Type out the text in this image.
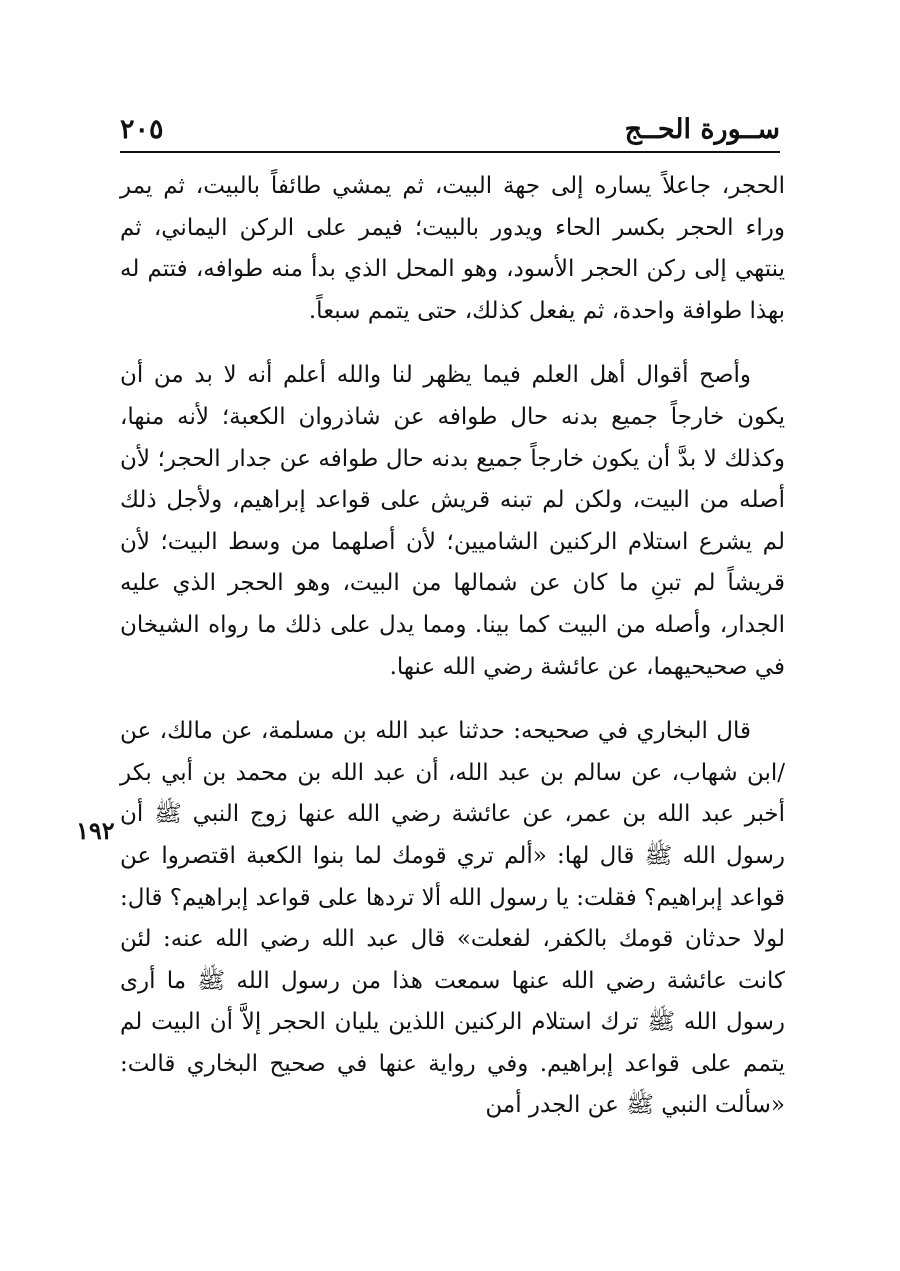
ســورة الحــج
٢٠٥

الحجر، جاعلاً يساره إلى جهة البيت، ثم يمشي طائفاً بالبيت، ثم يمر وراء الحجر بكسر الحاء ويدور بالبيت؛ فيمر على الركن اليماني، ثم ينتهي إلى ركن الحجر الأسود، وهو المحل الذي بدأ منه طوافه، فتتم له بهذا طوافة واحدة، ثم يفعل كذلك، حتى يتمم سبعاً.

وأصح أقوال أهل العلم فيما يظهر لنا والله أعلم أنه لا بد من أن يكون خارجاً جميع بدنه حال طوافه عن شاذروان الكعبة؛ لأنه منها، وكذلك لا بدَّ أن يكون خارجاً جميع بدنه حال طوافه عن جدار الحجر؛ لأن أصله من البيت، ولكن لم تبنه قريش على قواعد إبراهيم، ولأجل ذلك لم يشرع استلام الركنين الشاميين؛ لأن أصلهما من وسط البيت؛ لأن قريشاً لم تبنِ ما كان عن شمالها من البيت، وهو الحجر الذي عليه الجدار، وأصله من البيت كما بينا. ومما يدل على ذلك ما رواه الشيخان في صحيحيهما، عن عائشة رضي الله عنها.

قال البخاري في صحيحه: حدثنا عبد الله بن مسلمة، عن مالك، عن /ابن شهاب، عن سالم بن عبد الله، أن عبد الله بن محمد بن أبي بكر أخبر عبد الله بن عمر، عن عائشة رضي الله عنها زوج النبي ﷺ أن رسول الله ﷺ قال لها: «ألم تري قومك لما بنوا الكعبة اقتصروا عن قواعد إبراهيم؟ فقلت: يا رسول الله ألا تردها على قواعد إبراهيم؟ قال: لولا حدثان قومك بالكفر، لفعلت» قال عبد الله رضي الله عنه: لئن كانت عائشة رضي الله عنها سمعت هذا من رسول الله ﷺ ما أرى رسول الله ﷺ ترك استلام الركنين اللذين يليان الحجر إلاَّ أن البيت لم يتمم على قواعد إبراهيم. وفي رواية عنها في صحيح البخاري قالت: «سألت النبي ﷺ عن الجدر أمن

١٩٢
